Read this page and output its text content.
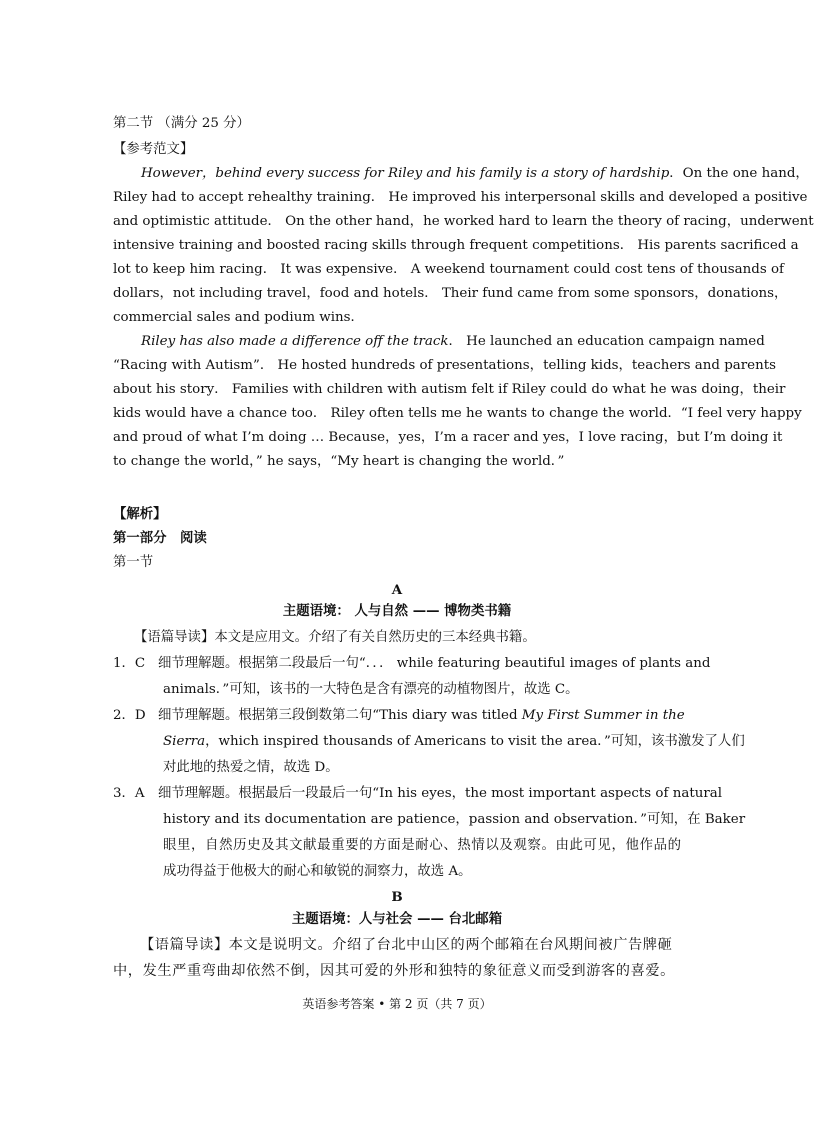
第二节 （满分 25 分）
【参考范文】
However，behind every success for Riley and his family is a story of hardship．On the one hand，
Riley had to accept rehealthy training． He improved his interpersonal skills and developed a positive
and optimistic attitude． On the other hand，he worked hard to learn the theory of racing，underwent
intensive training and boosted racing skills through frequent competitions． His parents sacrificed a
lot to keep him racing． It was expensive． A weekend tournament could cost tens of thousands of
dollars，not including travel，food and hotels． Their fund came from some sponsors，donations，
commercial sales and podium wins．
Riley has also made a difference off the track． He launched an education campaign named
“Racing with Autism”． He hosted hundreds of presentations，telling kids，teachers and parents
about his story． Families with children with autism felt if Riley could do what he was doing，their
kids would have a chance too． Riley often tells me he wants to change the world．“I feel very happy
and proud of what I’m doing … Because，yes，I’m a racer and yes，I love racing，but I’m doing it
to change the world，” he says，“My heart is changing the world．”
【解析】
第一部分　阅读
第一节
A
主题语境： 人与自然 —— 博物类书籍
【语篇导读】本文是应用文。介绍了有关自然历史的三本经典书籍。
1．C 细节理解题。根据第二段最后一句“．．． while featuring beautiful images of plants and
animals．”可知，该书的一大特色是含有漂亮的动植物图片，故选 C。
2．D 细节理解题。根据第三段倒数第二句“This diary was titled My First Summer in the
Sierra，which inspired thousands of Americans to visit the area．”可知，该书激发了人们
对此地的热爱之情，故选 D。
3．A 细节理解题。根据最后一段最后一句“In his eyes，the most important aspects of natural
history and its documentation are patience，passion and observation．”可知，在 Baker
眼里，自然历史及其文献最重要的方面是耐心、热情以及观察。由此可见，他作品的
成功得益于他极大的耐心和敏锐的洞察力，故选 A。
B
主题语境：人与社会 —— 台北邮箱
【语篇导读】本文是说明文。介绍了台北中山区的两个邮箱在台风期间被广告牌砸
中，发生严重弯曲却依然不倒，因其可爱的外形和独特的象征意义而受到游客的喜爱。
英语参考答案 • 第 2 页（共 7 页）
